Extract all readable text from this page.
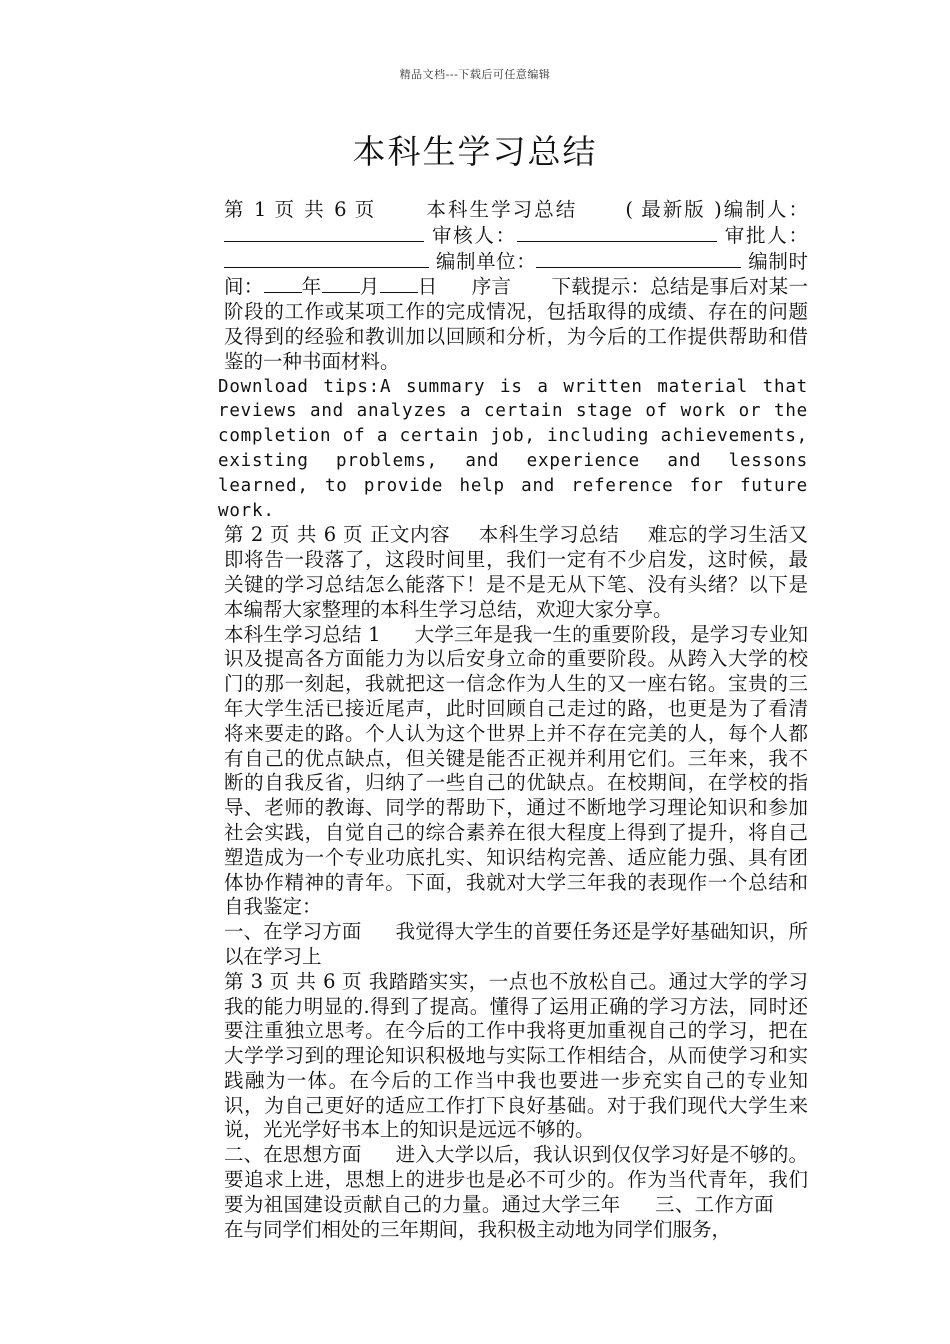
精品文档---下载后可任意编辑
本科生学习总结

第 1 页 共 6 页 本科生学习总结 ( 最新版 )编制人： 审核人：	审批人： 编制单位：	编制时间： 年 月 日 序言 下载提示：总结是事后对某一阶段的工作或某项工作的完成情况，包括取得的成绩、存在的问题及得到的经验和教训加以回顾和分析，为今后的工作提供帮助和借鉴的一种书面材料。

Download tips:A summary is a written material that reviews and analyzes a certain stage of work or the completion of a certain job, including achievements, existing problems, and experience and lessons learned, to provide help and reference for future work.

第 2 页 共 6 页 正文内容 本科生学习总结 难忘的学习生活又即将告一段落了，这段时间里，我们一定有不少启发，这时候，最关键的学习总结怎么能落下！是不是无从下笔、没有头绪？以下是本编帮大家整理的本科生学习总结，欢迎大家分享。

本科生学习总结 1 大学三年是我一生的重要阶段，是学习专业知识及提高各方面能力为以后安身立命的重要阶段。从跨入大学的校门的那一刻起，我就把这一信念作为人生的又一座右铭。宝贵的三年大学生活已接近尾声，此时回顾自己走过的路，也更是为了看清将来要走的路。个人认为这个世界上并不存在完美的人，每个人都有自己的优点缺点，但关键是能否正视并利用它们。三年来，我不断的自我反省，归纳了一些自己的优缺点。在校期间，在学校的指导、老师的教诲、同学的帮助下，通过不断地学习理论知识和参加社会实践，自觉自己的综合素养在很大程度上得到了提升，将自己塑造成为一个专业功底扎实、知识结构完善、适应能力强、具有团体协作精神的青年。下面，我就对大学三年我的表现作一个总结和自我鉴定：

一、在学习方面 我觉得大学生的首要任务还是学好基础知识，所以在学习上

第 3 页 共 6 页 我踏踏实实，一点也不放松自己。通过大学的学习我的能力明显的.得到了提高。懂得了运用正确的学习方法，同时还要注重独立思考。在今后的工作中我将更加重视自己的学习，把在大学学习到的理论知识积极地与实际工作相结合，从而使学习和实践融为一体。在今后的工作当中我也要进一步充实自己的专业知识，为自己更好的适应工作打下良好基础。对于我们现代大学生来说，光光学好书本上的知识是远远不够的。

二、在思想方面 进入大学以后，我认识到仅仅学习好是不够的。要追求上进，思想上的进步也是必不可少的。作为当代青年，我们要为祖国建设贡献自己的力量。通过大学三年 三、工作方面在与同学们相处的三年期间，我积极主动地为同学们服务，
